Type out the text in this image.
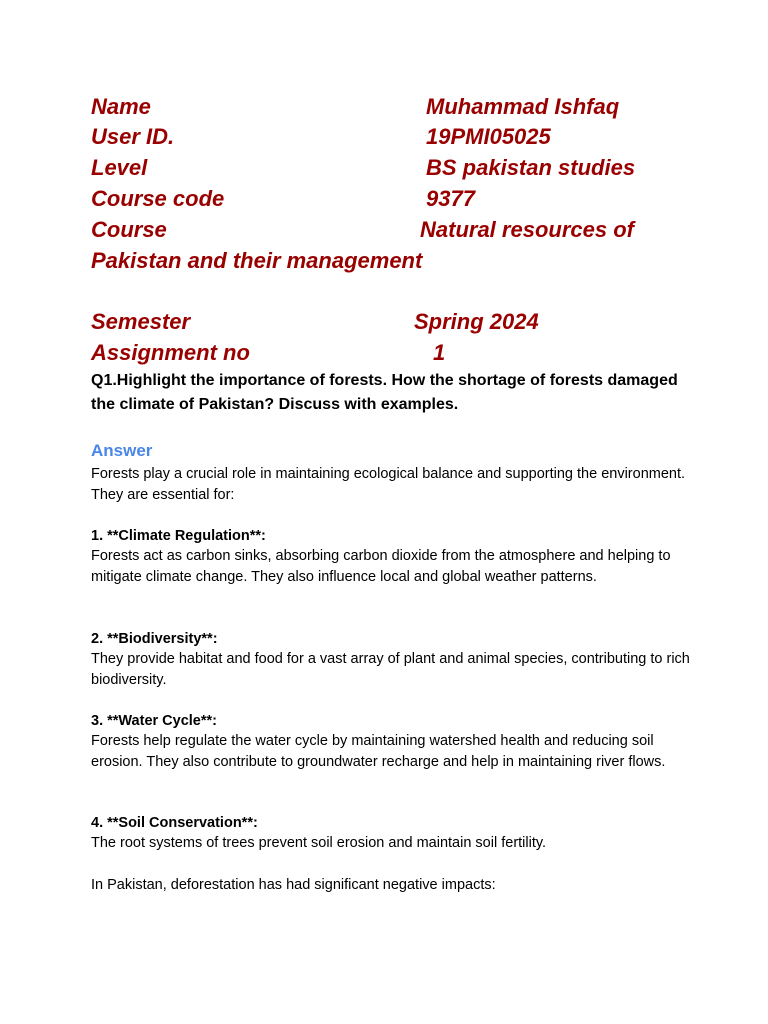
Name	Muhammad Ishfaq
User ID.	19PMI05025
Level	BS pakistan studies
Course code	9377
Course	Natural resources of
Pakistan and their management
Semester	Spring 2024
Assignment no	1
Q1.Highlight the importance of forests. How the shortage of forests damaged the climate of Pakistan? Discuss with examples.
Answer
Forests play a crucial role in maintaining ecological balance and supporting the environment. They are essential for:
1. **Climate Regulation**:
Forests act as carbon sinks, absorbing carbon dioxide from the atmosphere and helping to mitigate climate change. They also influence local and global weather patterns.
2. **Biodiversity**:
They provide habitat and food for a vast array of plant and animal species, contributing to rich biodiversity.
3. **Water Cycle**:
Forests help regulate the water cycle by maintaining watershed health and reducing soil erosion. They also contribute to groundwater recharge and help in maintaining river flows.
4. **Soil Conservation**:
The root systems of trees prevent soil erosion and maintain soil fertility.
In Pakistan, deforestation has had significant negative impacts:
